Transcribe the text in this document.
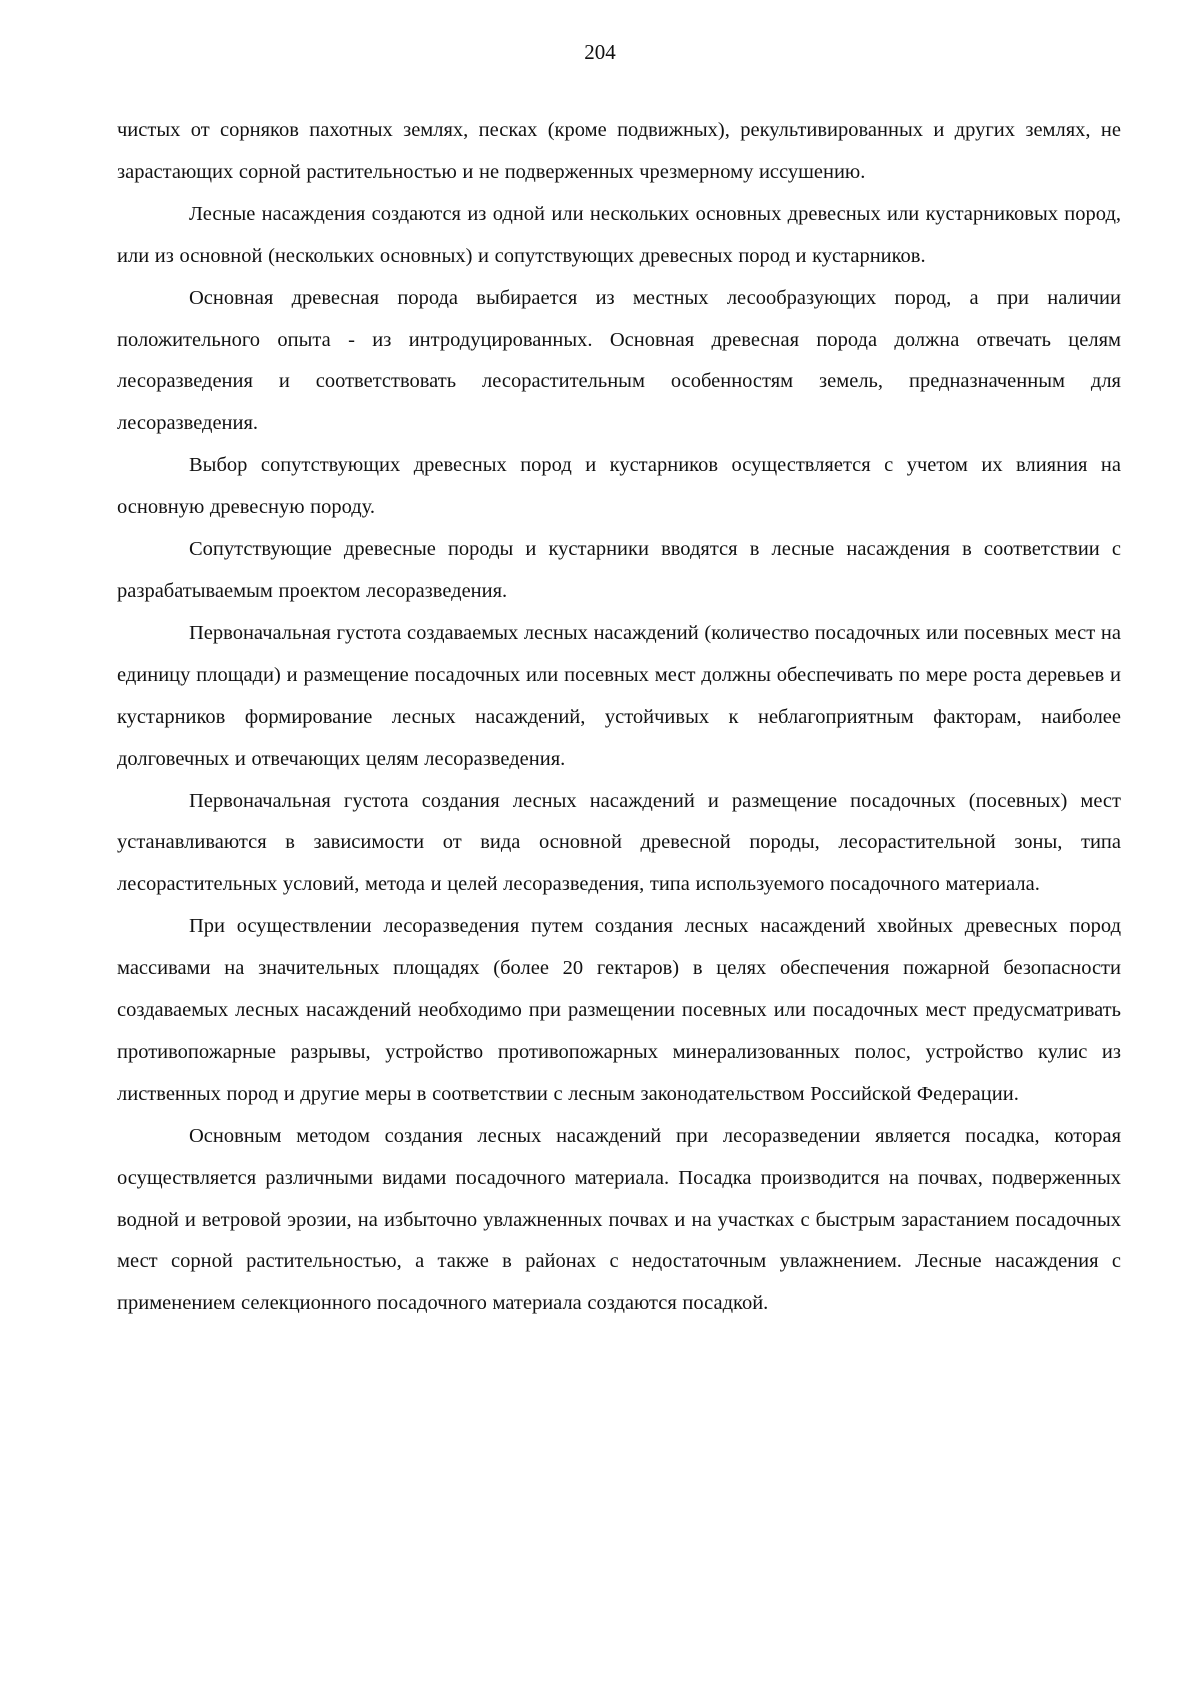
204

чистых от сорняков пахотных землях, песках (кроме подвижных), рекультивированных и других землях, не зарастающих сорной растительностью и не подверженных чрезмерному иссушению.

Лесные насаждения создаются из одной или нескольких основных древесных или кустарниковых пород, или из основной (нескольких основных) и сопутствующих древесных пород и кустарников.

Основная древесная порода выбирается из местных лесообразующих пород, а при наличии положительного опыта - из интродуцированных. Основная древесная порода должна отвечать целям лесоразведения и соответствовать лесорастительным особенностям земель, предназначенным для лесоразведения.

Выбор сопутствующих древесных пород и кустарников осуществляется с учетом их влияния на основную древесную породу.

Сопутствующие древесные породы и кустарники вводятся в лесные насаждения в соответствии с разрабатываемым проектом лесоразведения.

Первоначальная густота создаваемых лесных насаждений (количество посадочных или посевных мест на единицу площади) и размещение посадочных или посевных мест должны обеспечивать по мере роста деревьев и кустарников формирование лесных насаждений, устойчивых к неблагоприятным факторам, наиболее долговечных и отвечающих целям лесоразведения.

Первоначальная густота создания лесных насаждений и размещение посадочных (посевных) мест устанавливаются в зависимости от вида основной древесной породы, лесорастительной зоны, типа лесорастительных условий, метода и целей лесоразведения, типа используемого посадочного материала.

При осуществлении лесоразведения путем создания лесных насаждений хвойных древесных пород массивами на значительных площадях (более 20 гектаров) в целях обеспечения пожарной безопасности создаваемых лесных насаждений необходимо при размещении посевных или посадочных мест предусматривать противопожарные разрывы, устройство противопожарных минерализованных полос, устройство кулис из лиственных пород и другие меры в соответствии с лесным законодательством Российской Федерации.

Основным методом создания лесных насаждений при лесоразведении является посадка, которая осуществляется различными видами посадочного материала. Посадка производится на почвах, подверженных водной и ветровой эрозии, на избыточно увлажненных почвах и на участках с быстрым зарастанием посадочных мест сорной растительностью, а также в районах с недостаточным увлажнением. Лесные насаждения с применением селекционного посадочного материала создаются посадкой.
